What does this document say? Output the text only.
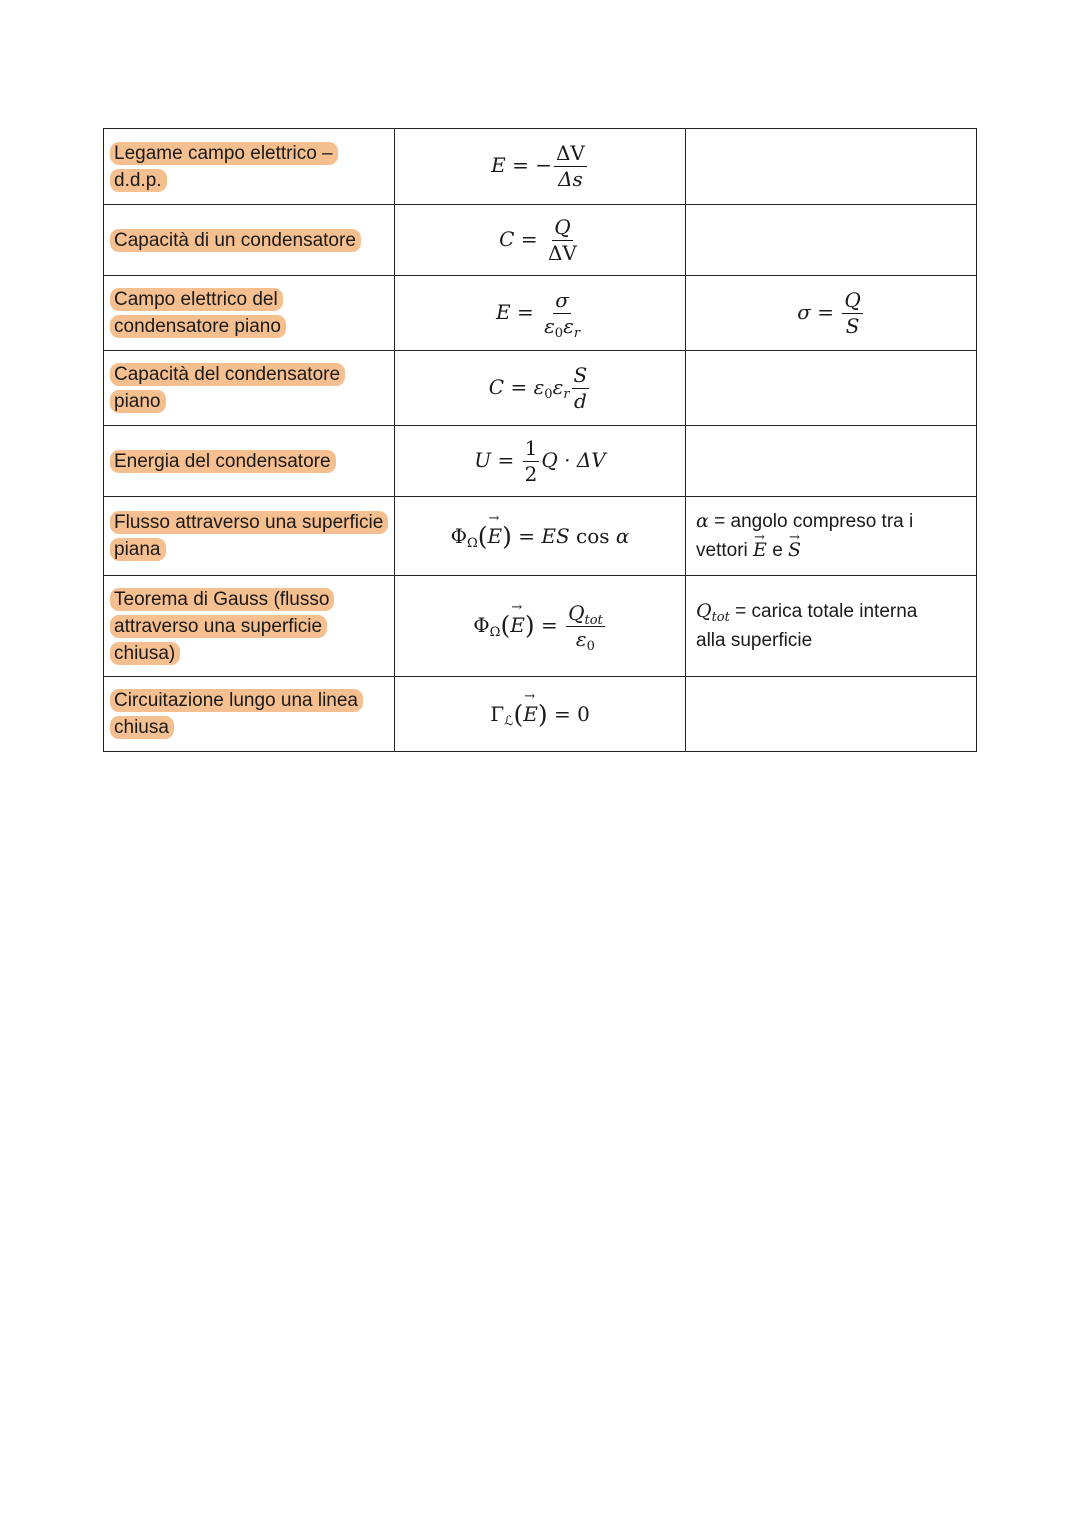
Legame campo elettrico – d.d.p.	E = − $\frac{\Delta V}{\Delta s}$

Capacità di un condensatore	$C = \frac{Q}{\Delta V}$

Campo elettrico del condensatore piano	$E = \frac{\sigma}{\varepsilon_0\varepsilon_r}$	$\sigma = \frac{Q}{S}$

Capacità del condensatore piano	$C = \varepsilon_0\varepsilon_r \frac{S}{d}$

Energia del condensatore	$U = \frac{1}{2}$ Q · ΔV	

Flusso attraverso una superficie piana	$\Phi_\Omega(\to E)$ = ES cos α	α = angolo compreso tra i
vettori → E e → S

Teorema di Gauss (flusso attraverso una superficie chiusa)	$\Phi_\Omega(\to E) = \frac{Q_{tot}}{\varepsilon_0}$	$Q_{tot}$ = carica totale interna
alla superficie

Circuitazione lungo una linea chiusa	$\Gamma_ℒ(\to E) = 0$	
